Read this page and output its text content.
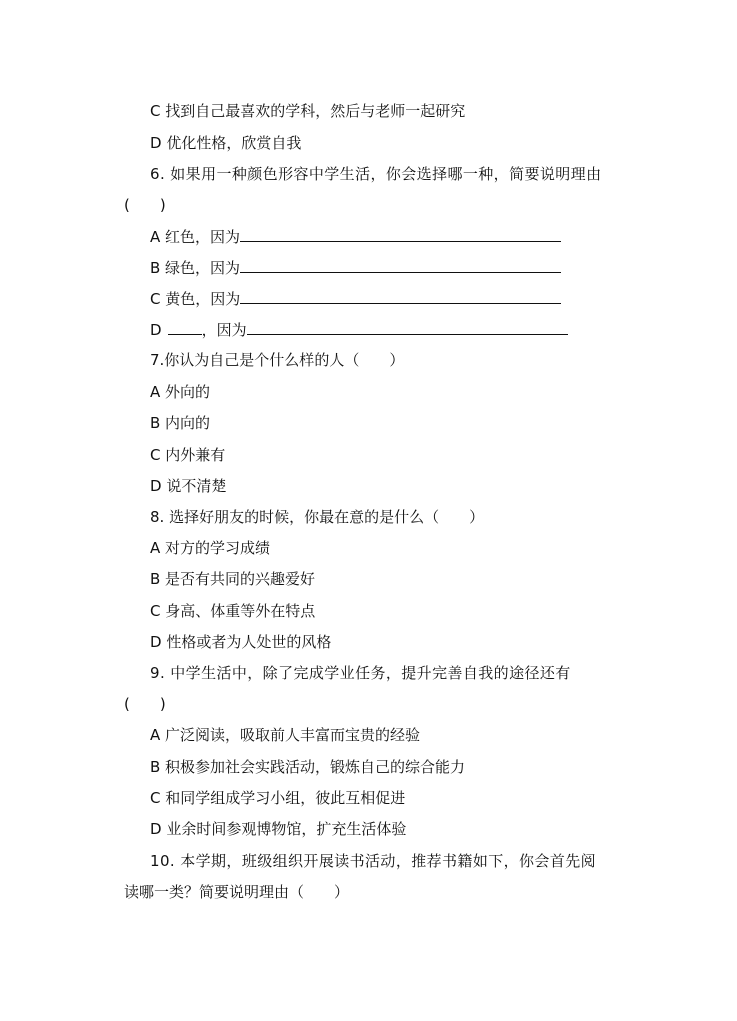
C 找到自己最喜欢的学科，然后与老师一起研究
D 优化性格，欣赏自我
6. 如果用一种颜色形容中学生活，你会选择哪一种，简要说明理由
(　　)
A 红色，因为
B 绿色，因为
C 黄色，因为
D	，因为
7.你认为自己是个什么样的人（　　）
A 外向的
B 内向的
C 内外兼有
D 说不清楚
8. 选择好朋友的时候，你最在意的是什么（　　）
A 对方的学习成绩
B 是否有共同的兴趣爱好
C 身高、体重等外在特点
D 性格或者为人处世的风格
9. 中学生活中，除了完成学业任务，提升完善自我的途径还有
(　　)
A 广泛阅读，吸取前人丰富而宝贵的经验
B 积极参加社会实践活动，锻炼自己的综合能力
C 和同学组成学习小组，彼此互相促进
D 业余时间参观博物馆，扩充生活体验
10. 本学期，班级组织开展读书活动，推荐书籍如下，你会首先阅
读哪一类？简要说明理由（　　）
